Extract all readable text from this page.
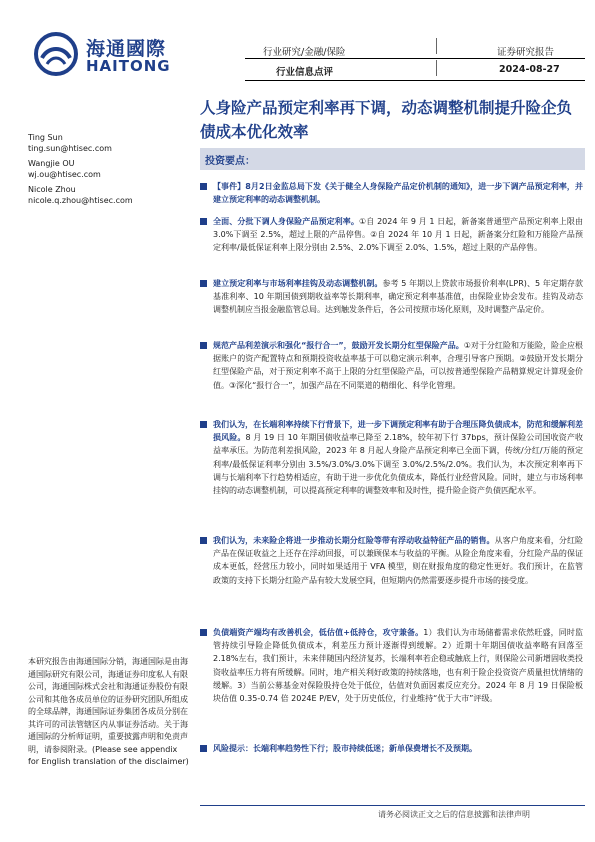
海通國際
HAITONG
行业研究/金融/保险	证券研究报告
行业信息点评	2024-08-27
人身险产品预定利率再下调，动态调整机制提升险企负债成本优化效率
Ting Sun
ting.sun@htisec.com
Wangjie OU
wj.ou@htisec.com
Nicole Zhou
nicole.q.zhou@htisec.com
投资要点：
【事件】8月2日金监总局下发《关于健全人身保险产品定价机制的通知》，进一步下调产品预定利率，并建立预定利率的动态调整机制。
全面、分批下调人身保险产品预定利率。①自 2024 年 9 月 1 日起，新备案普通型产品预定利率上限由 3.0%下调至 2.5%，超过上限的产品停售。②自 2024 年 10 月 1 日起，新备案分红险和万能险产品预定利率/最低保证利率上限分别由 2.5%、2.0%下调至 2.0%、1.5%，超过上限的产品停售。
建立预定利率与市场利率挂钩及动态调整机制。参考 5 年期以上贷款市场报价利率(LPR)、5 年定期存款基准利率、10 年期国债到期收益率等长期利率，确定预定利率基准值，由保险业协会发布。挂钩及动态调整机制应当报金融监管总局。达到触发条件后，各公司按照市场化原则，及时调整产品定价。
规范产品利差演示和强化“报行合一”，鼓励开发长期分红型保险产品。①对于分红险和万能险，险企应根据账户的资产配置特点和预期投资收益率基于可以稳定演示利率，合理引导客户预期。②鼓励开发长期分红型保险产品，对于预定利率不高于上限的分红型保险产品，可以按普通型保险产品精算规定计算现金价值。③深化“报行合一”，加强产品在不同渠道的精细化、科学化管理。
我们认为，在长端利率持续下行背景下，进一步下调预定利率有助于合理压降负债成本，防范和缓解利差损风险。8 月 19 日 10 年期国债收益率已降至 2.18%，较年初下行 37bps，预计保险公司国收资产收益率承压。为防范利差损风险，2023 年 8 月起人身险产品预定利率已全面下调，传统/分红/万能的预定利率/最低保证利率分别由 3.5%/3.0%/3.0%下调至 3.0%/2.5%/2.0%。我们认为，本次预定利率再下调与长端利率下行趋势相适应，有助于进一步优化负债成本，降低行业经营风险。同时，建立与市场利率挂钩的动态调整机制，可以提高预定利率的调整效率和及时性，提升险企资产负债匹配水平。
我们认为，未来险企将进一步推动长期分红险等带有浮动收益特征产品的销售。从客户角度来看，分红险产品在保证收益之上还存在浮动回报，可以兼顾保本与收益的平衡。从险企角度来看，分红险产品的保证成本更低，经营压力较小，同时如果适用于 VFA 模型，则在财报角度的稳定性更好。我们预计，在监管政策的支持下长期分红险产品有较大发展空间，但短期内仍然需要逐步提升市场的接受度。
负债端资产端均有改善机会，低估值+低持仓，攻守兼备。1）我们认为市场储蓄需求依然旺盛，同时监管持续引导险企降低负债成本，利差压力预计逐渐得到缓解。2）近期十年期国债收益率略有回落至 2.18%左右，我们预计，未来伴随国内经济复苏，长端利率若企稳或触底上行，则保险公司新增固收类投资收益率压力将有所缓解。同时，地产相关利好政策的持续落地，也有利于险企投资资产质量担忧情绪的缓解。3）当前公募基金对保险股持仓处于低位，估值对负面因素反应充分。2024 年 8 月 19 日保险板块估值 0.35-0.74 倍 2024E P/EV，处于历史低位，行业维持“优于大市”评级。
风险提示：长端利率趋势性下行；股市持续低迷；新单保费增长不及预期。
本研究报告由海通国际分销，海通国际是由海通国际研究有限公司，海通证券印度私人有限公司，海通国际株式会社和海通证券股份有限公司和其他各成员单位的证券研究团队所组成的全球品牌，海通国际证券集团各成员分别在其许可的司法管辖区内从事证券活动。关于海通国际的分析师证明，重要披露声明和免责声明，请参阅附录。(Please see appendix for English translation of the disclaimer)
请务必阅读正文之后的信息披露和法律声明
